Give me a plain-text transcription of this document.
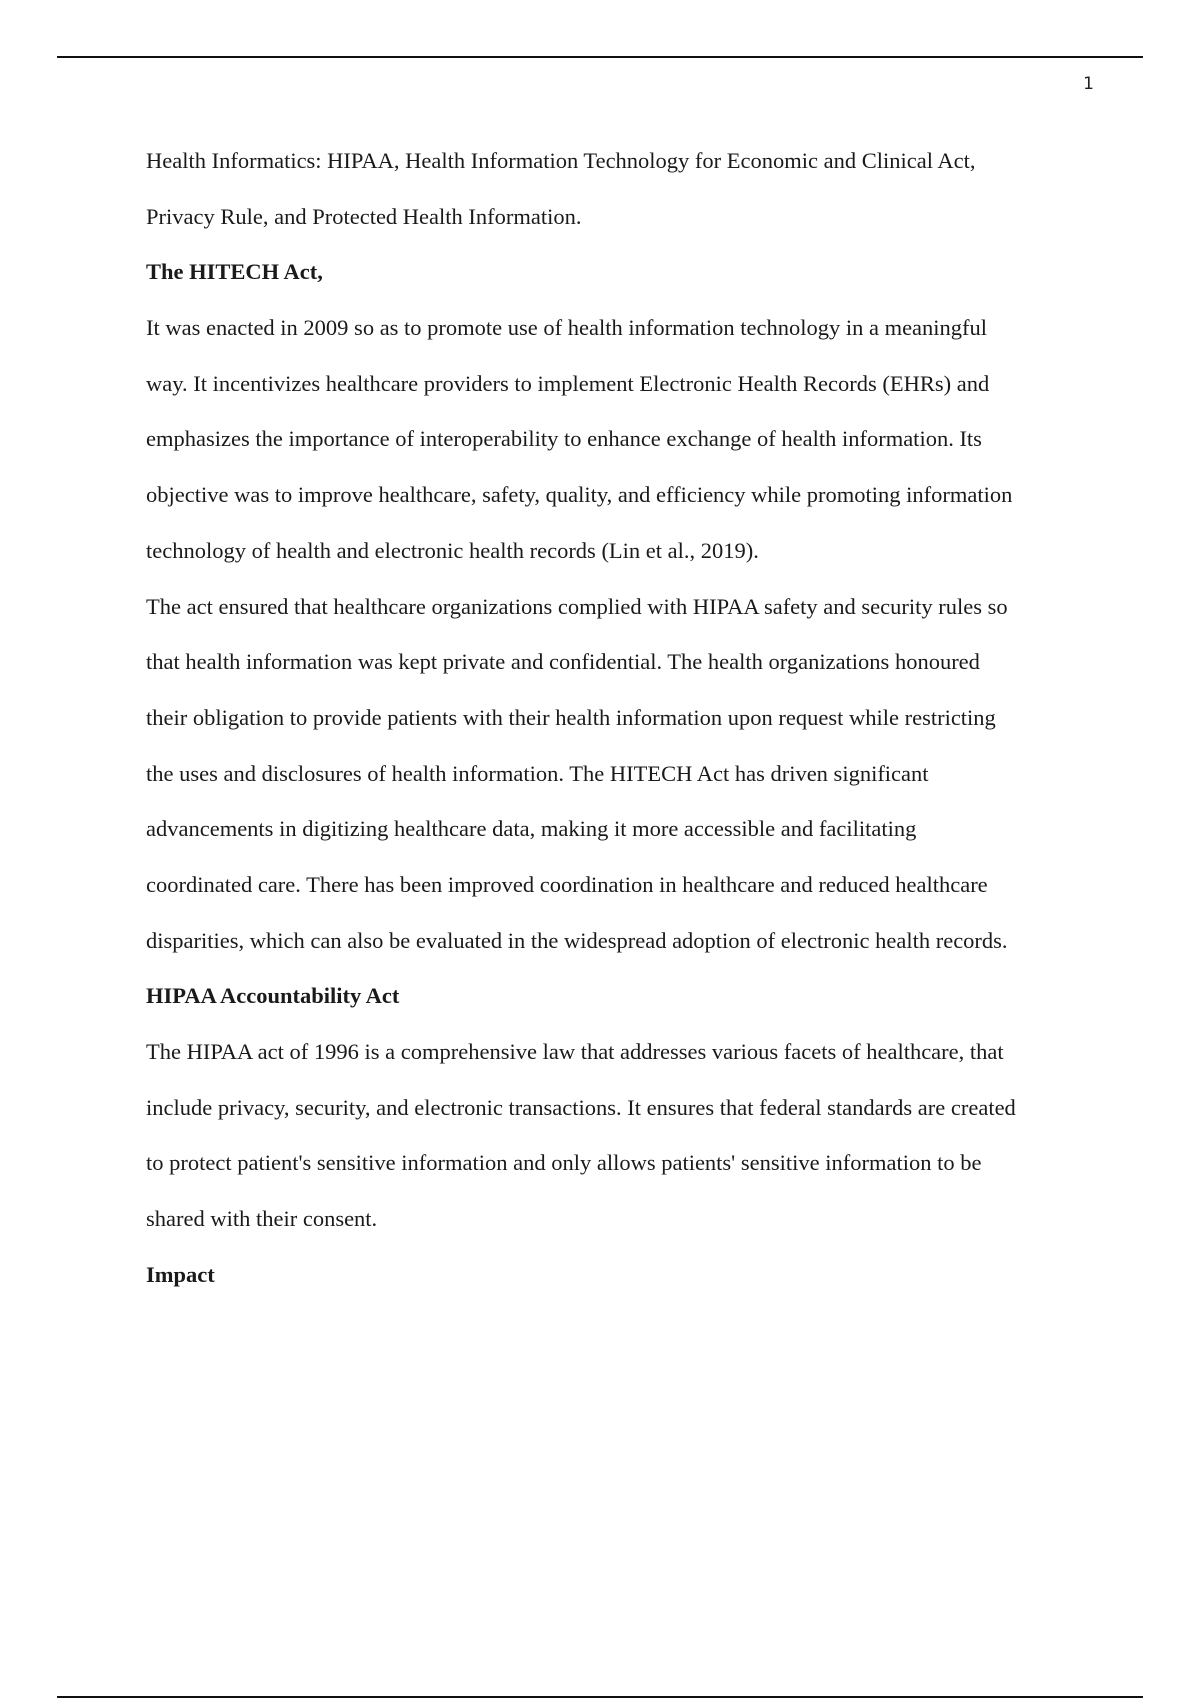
1
Health Informatics: HIPAA, Health Information Technology for Economic and Clinical Act,
Privacy Rule, and Protected Health Information.
The HITECH Act,
It was enacted in 2009 so as to promote use of health information technology in a meaningful
way. It incentivizes healthcare providers to implement Electronic Health Records (EHRs) and
emphasizes the importance of interoperability to enhance exchange of health information. Its
objective was to improve healthcare, safety, quality, and efficiency while promoting information
technology of health and electronic health records (Lin et al., 2019).
The act ensured that healthcare organizations complied with HIPAA safety and security rules so
that health information was kept private and confidential. The health organizations honoured
their obligation to provide patients with their health information upon request while restricting
the uses and disclosures of health information. The HITECH Act has driven significant
advancements in digitizing healthcare data, making it more accessible and facilitating
coordinated care. There has been improved coordination in healthcare and reduced healthcare
disparities, which can also be evaluated in the widespread adoption of electronic health records.
HIPAA Accountability Act
The HIPAA act of 1996 is a comprehensive law that addresses various facets of healthcare, that
include privacy, security, and electronic transactions. It ensures that federal standards are created
to protect patient's sensitive information and only allows patients' sensitive information to be
shared with their consent.
Impact
